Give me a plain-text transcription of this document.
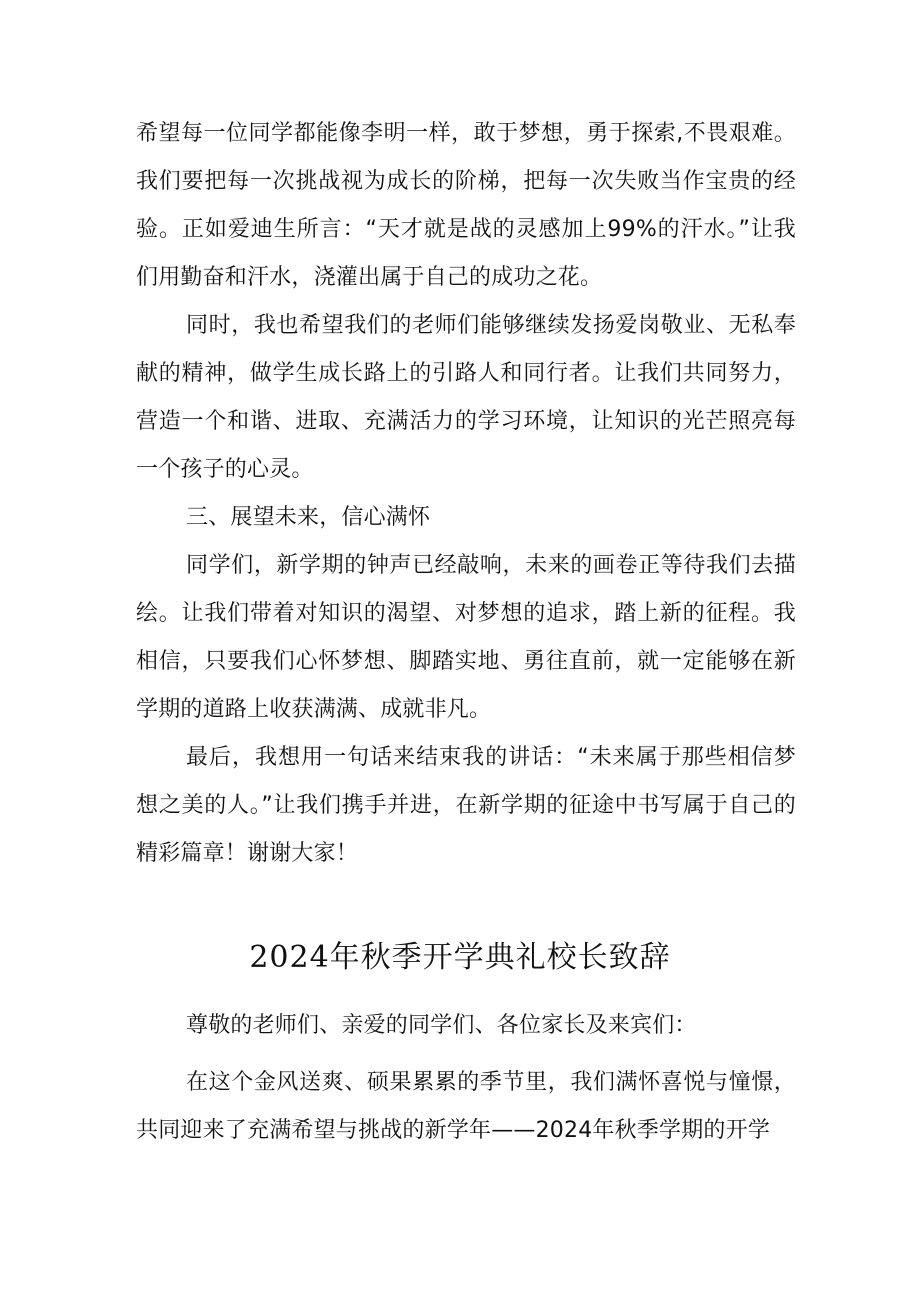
希望每一位同学都能像李明一样，敢于梦想，勇于探索,不畏艰难。我们要把每一次挑战视为成长的阶梯，把每一次失败当作宝贵的经验。正如爱迪生所言：“天才就是战的灵感加上99%的汗水。”让我们用勤奋和汗水，浇灌出属于自己的成功之花。

同时，我也希望我们的老师们能够继续发扬爱岗敬业、无私奉献的精神，做学生成长路上的引路人和同行者。让我们共同努力，营造一个和谐、进取、充满活力的学习环境，让知识的光芒照亮每一个孩子的心灵。

三、展望未来，信心满怀

同学们，新学期的钟声已经敲响，未来的画卷正等待我们去描绘。让我们带着对知识的渴望、对梦想的追求，踏上新的征程。我相信，只要我们心怀梦想、脚踏实地、勇往直前，就一定能够在新学期的道路上收获满满、成就非凡。

最后，我想用一句话来结束我的讲话：“未来属于那些相信梦想之美的人。”让我们携手并进，在新学期的征途中书写属于自己的精彩篇章！谢谢大家！

2024年秋季开学典礼校长致辞

尊敬的老师们、亲爱的同学们、各位家长及来宾们：

在这个金风送爽、硕果累累的季节里，我们满怀喜悦与憧憬，共同迎来了充满希望与挑战的新学年——2024年秋季学期的开学
